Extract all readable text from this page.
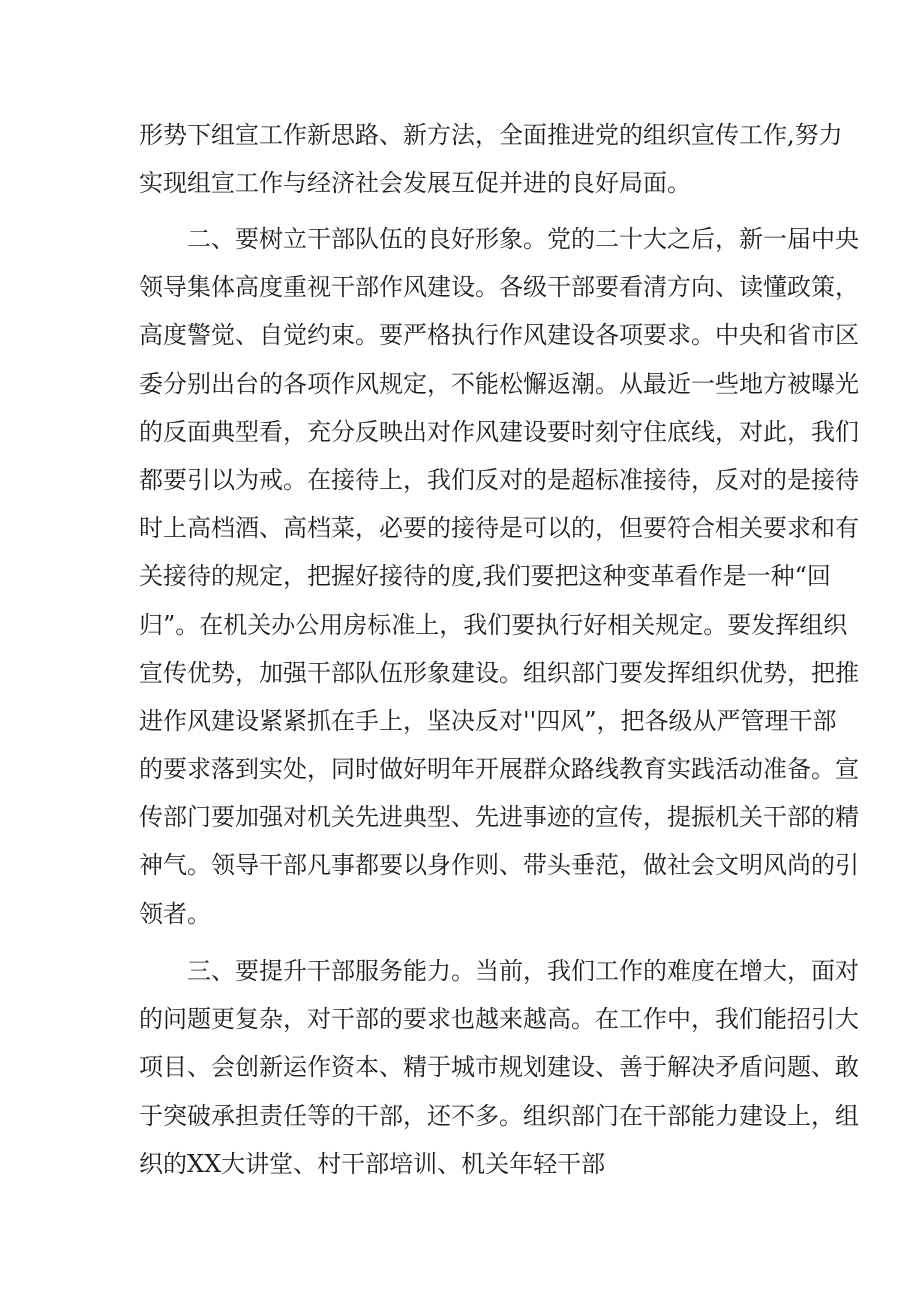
形势下组宣工作新思路、新方法，全面推进党的组织宣传工作,努力
实现组宣工作与经济社会发展互促并进的良好局面。
二、要树立干部队伍的良好形象。党的二十大之后，新一届中央
领导集体高度重视干部作风建设。各级干部要看清方向、读懂政策，
高度警觉、自觉约束。要严格执行作风建设各项要求。中央和省市区
委分别出台的各项作风规定，不能松懈返潮。从最近一些地方被曝光
的反面典型看，充分反映出对作风建设要时刻守住底线，对此，我们
都要引以为戒。在接待上，我们反对的是超标准接待，反对的是接待
时上高档酒、高档菜，必要的接待是可以的，但要符合相关要求和有
关接待的规定，把握好接待的度,我们要把这种变革看作是一种“回
归”。在机关办公用房标准上，我们要执行好相关规定。要发挥组织
宣传优势，加强干部队伍形象建设。组织部门要发挥组织优势，把推
进作风建设紧紧抓在手上，坚决反对''四风”，把各级从严管理干部
的要求落到实处，同时做好明年开展群众路线教育实践活动准备。宣
传部门要加强对机关先进典型、先进事迹的宣传，提振机关干部的精
神气。领导干部凡事都要以身作则、带头垂范，做社会文明风尚的引
领者。
三、要提升干部服务能力。当前，我们工作的难度在增大，面对
的问题更复杂，对干部的要求也越来越高。在工作中，我们能招引大
项目、会创新运作资本、精于城市规划建设、善于解决矛盾问题、敢
于突破承担责任等的干部，还不多。组织部门在干部能力建设上，组
织的XX大讲堂、村干部培训、机关年轻干部
